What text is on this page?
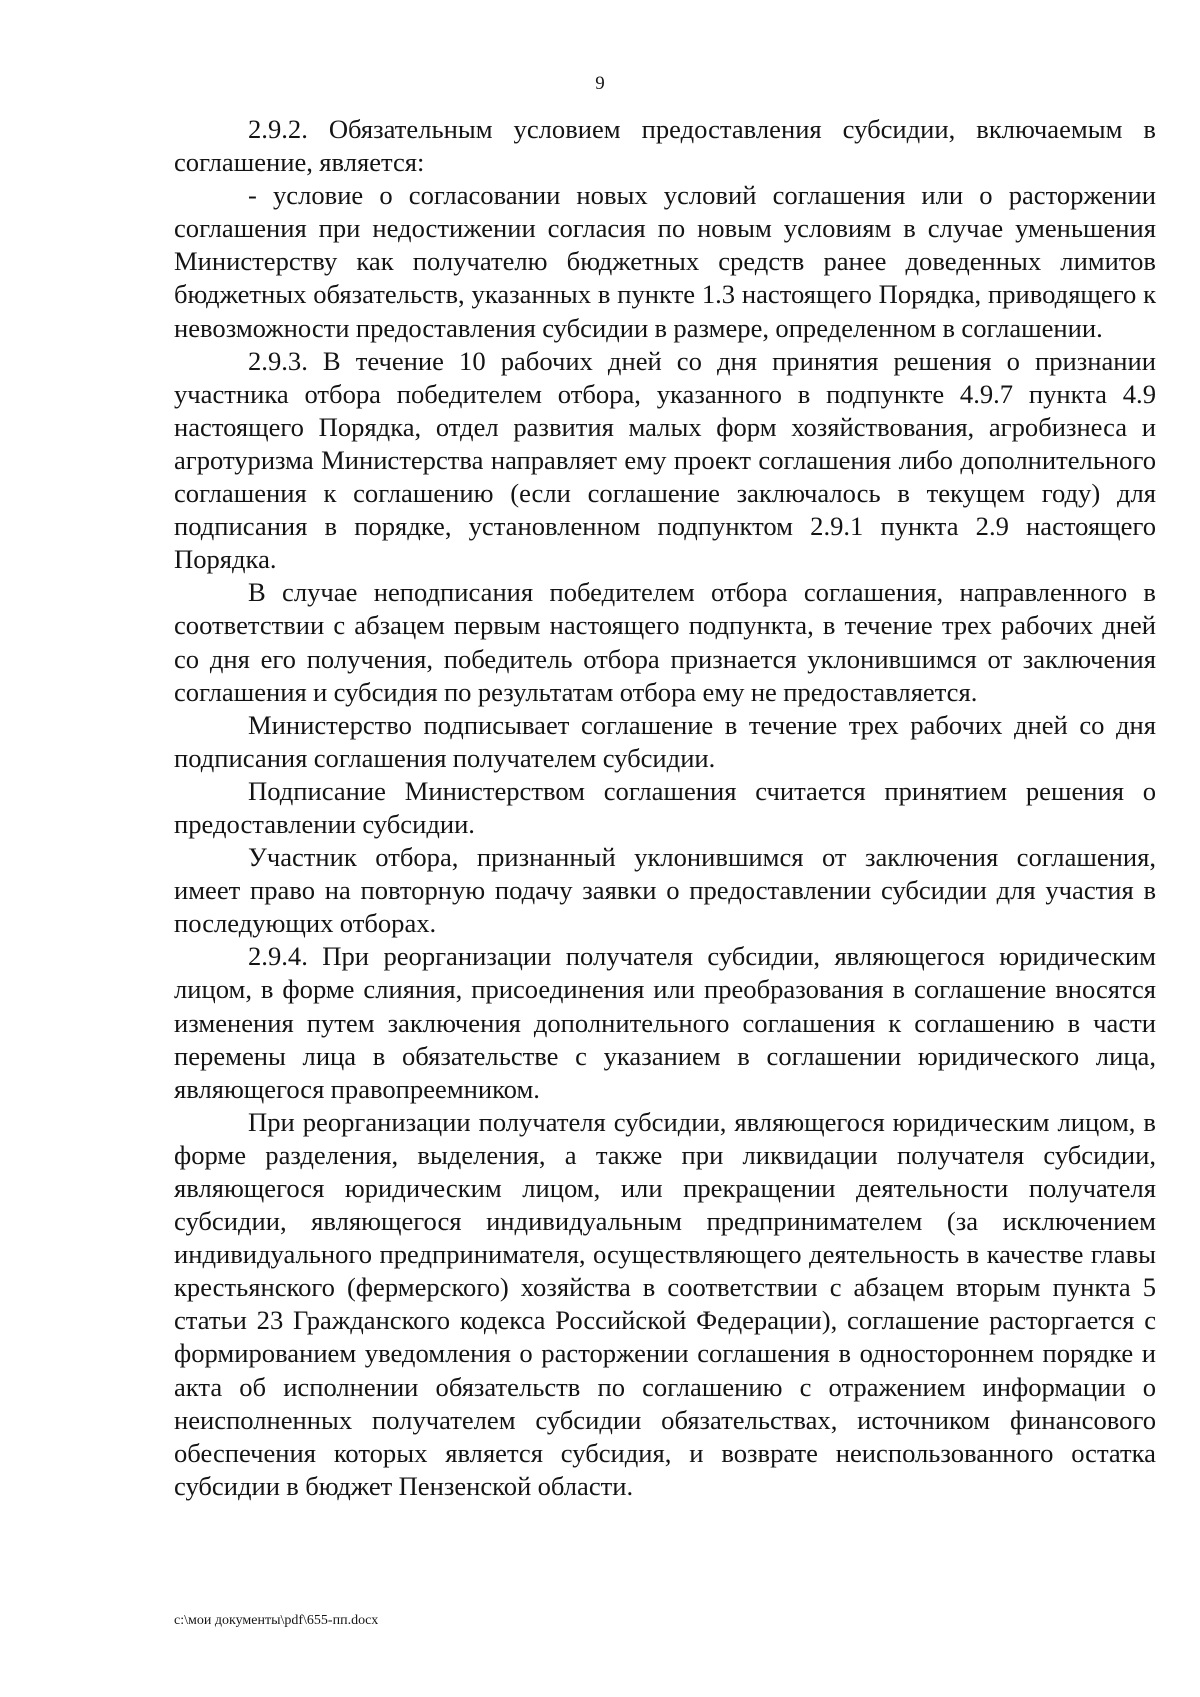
9

2.9.2. Обязательным условием предоставления субсидии, включаемым в соглашение, является:

- условие о согласовании новых условий соглашения или о расторжении соглашения при недостижении согласия по новым условиям в случае уменьшения Министерству как получателю бюджетных средств ранее доведенных лимитов бюджетных обязательств, указанных в пункте 1.3 настоящего Порядка, приводящего к невозможности предоставления субсидии в размере, определенном в соглашении.

2.9.3. В течение 10 рабочих дней со дня принятия решения о признании участника отбора победителем отбора, указанного в подпункте 4.9.7 пункта 4.9 настоящего Порядка, отдел развития малых форм хозяйствования, агробизнеса и агротуризма Министерства направляет ему проект соглашения либо дополнительного соглашения к соглашению (если соглашение заключалось в текущем году) для подписания в порядке, установленном подпунктом 2.9.1 пункта 2.9 настоящего Порядка.

В случае неподписания победителем отбора соглашения, направленного в соответствии с абзацем первым настоящего подпункта, в течение трех рабочих дней со дня его получения, победитель отбора признается уклонившимся от заключения соглашения и субсидия по результатам отбора ему не предоставляется.

Министерство подписывает соглашение в течение трех рабочих дней со дня подписания соглашения получателем субсидии.

Подписание Министерством соглашения считается принятием решения о предоставлении субсидии.

Участник отбора, признанный уклонившимся от заключения соглашения, имеет право на повторную подачу заявки о предоставлении субсидии для участия в последующих отборах.

2.9.4. При реорганизации получателя субсидии, являющегося юридическим лицом, в форме слияния, присоединения или преобразования в соглашение вносятся изменения путем заключения дополнительного соглашения к соглашению в части перемены лица в обязательстве с указанием в соглашении юридического лица, являющегося правопреемником.

При реорганизации получателя субсидии, являющегося юридическим лицом, в форме разделения, выделения, а также при ликвидации получателя субсидии, являющегося юридическим лицом, или прекращении деятельности получателя субсидии, являющегося индивидуальным предпринимателем (за исключением индивидуального предпринимателя, осуществляющего деятельность в качестве главы крестьянского (фермерского) хозяйства в соответствии с абзацем вторым пункта 5 статьи 23 Гражданского кодекса Российской Федерации), соглашение расторгается с формированием уведомления о расторжении соглашения в одностороннем порядке и акта об исполнении обязательств по соглашению с отражением информации о неисполненных получателем субсидии обязательствах, источником финансового обеспечения которых является субсидия, и возврате неиспользованного остатка субсидии в бюджет Пензенской области.

c:\мои документы\pdf\655-пп.docx
